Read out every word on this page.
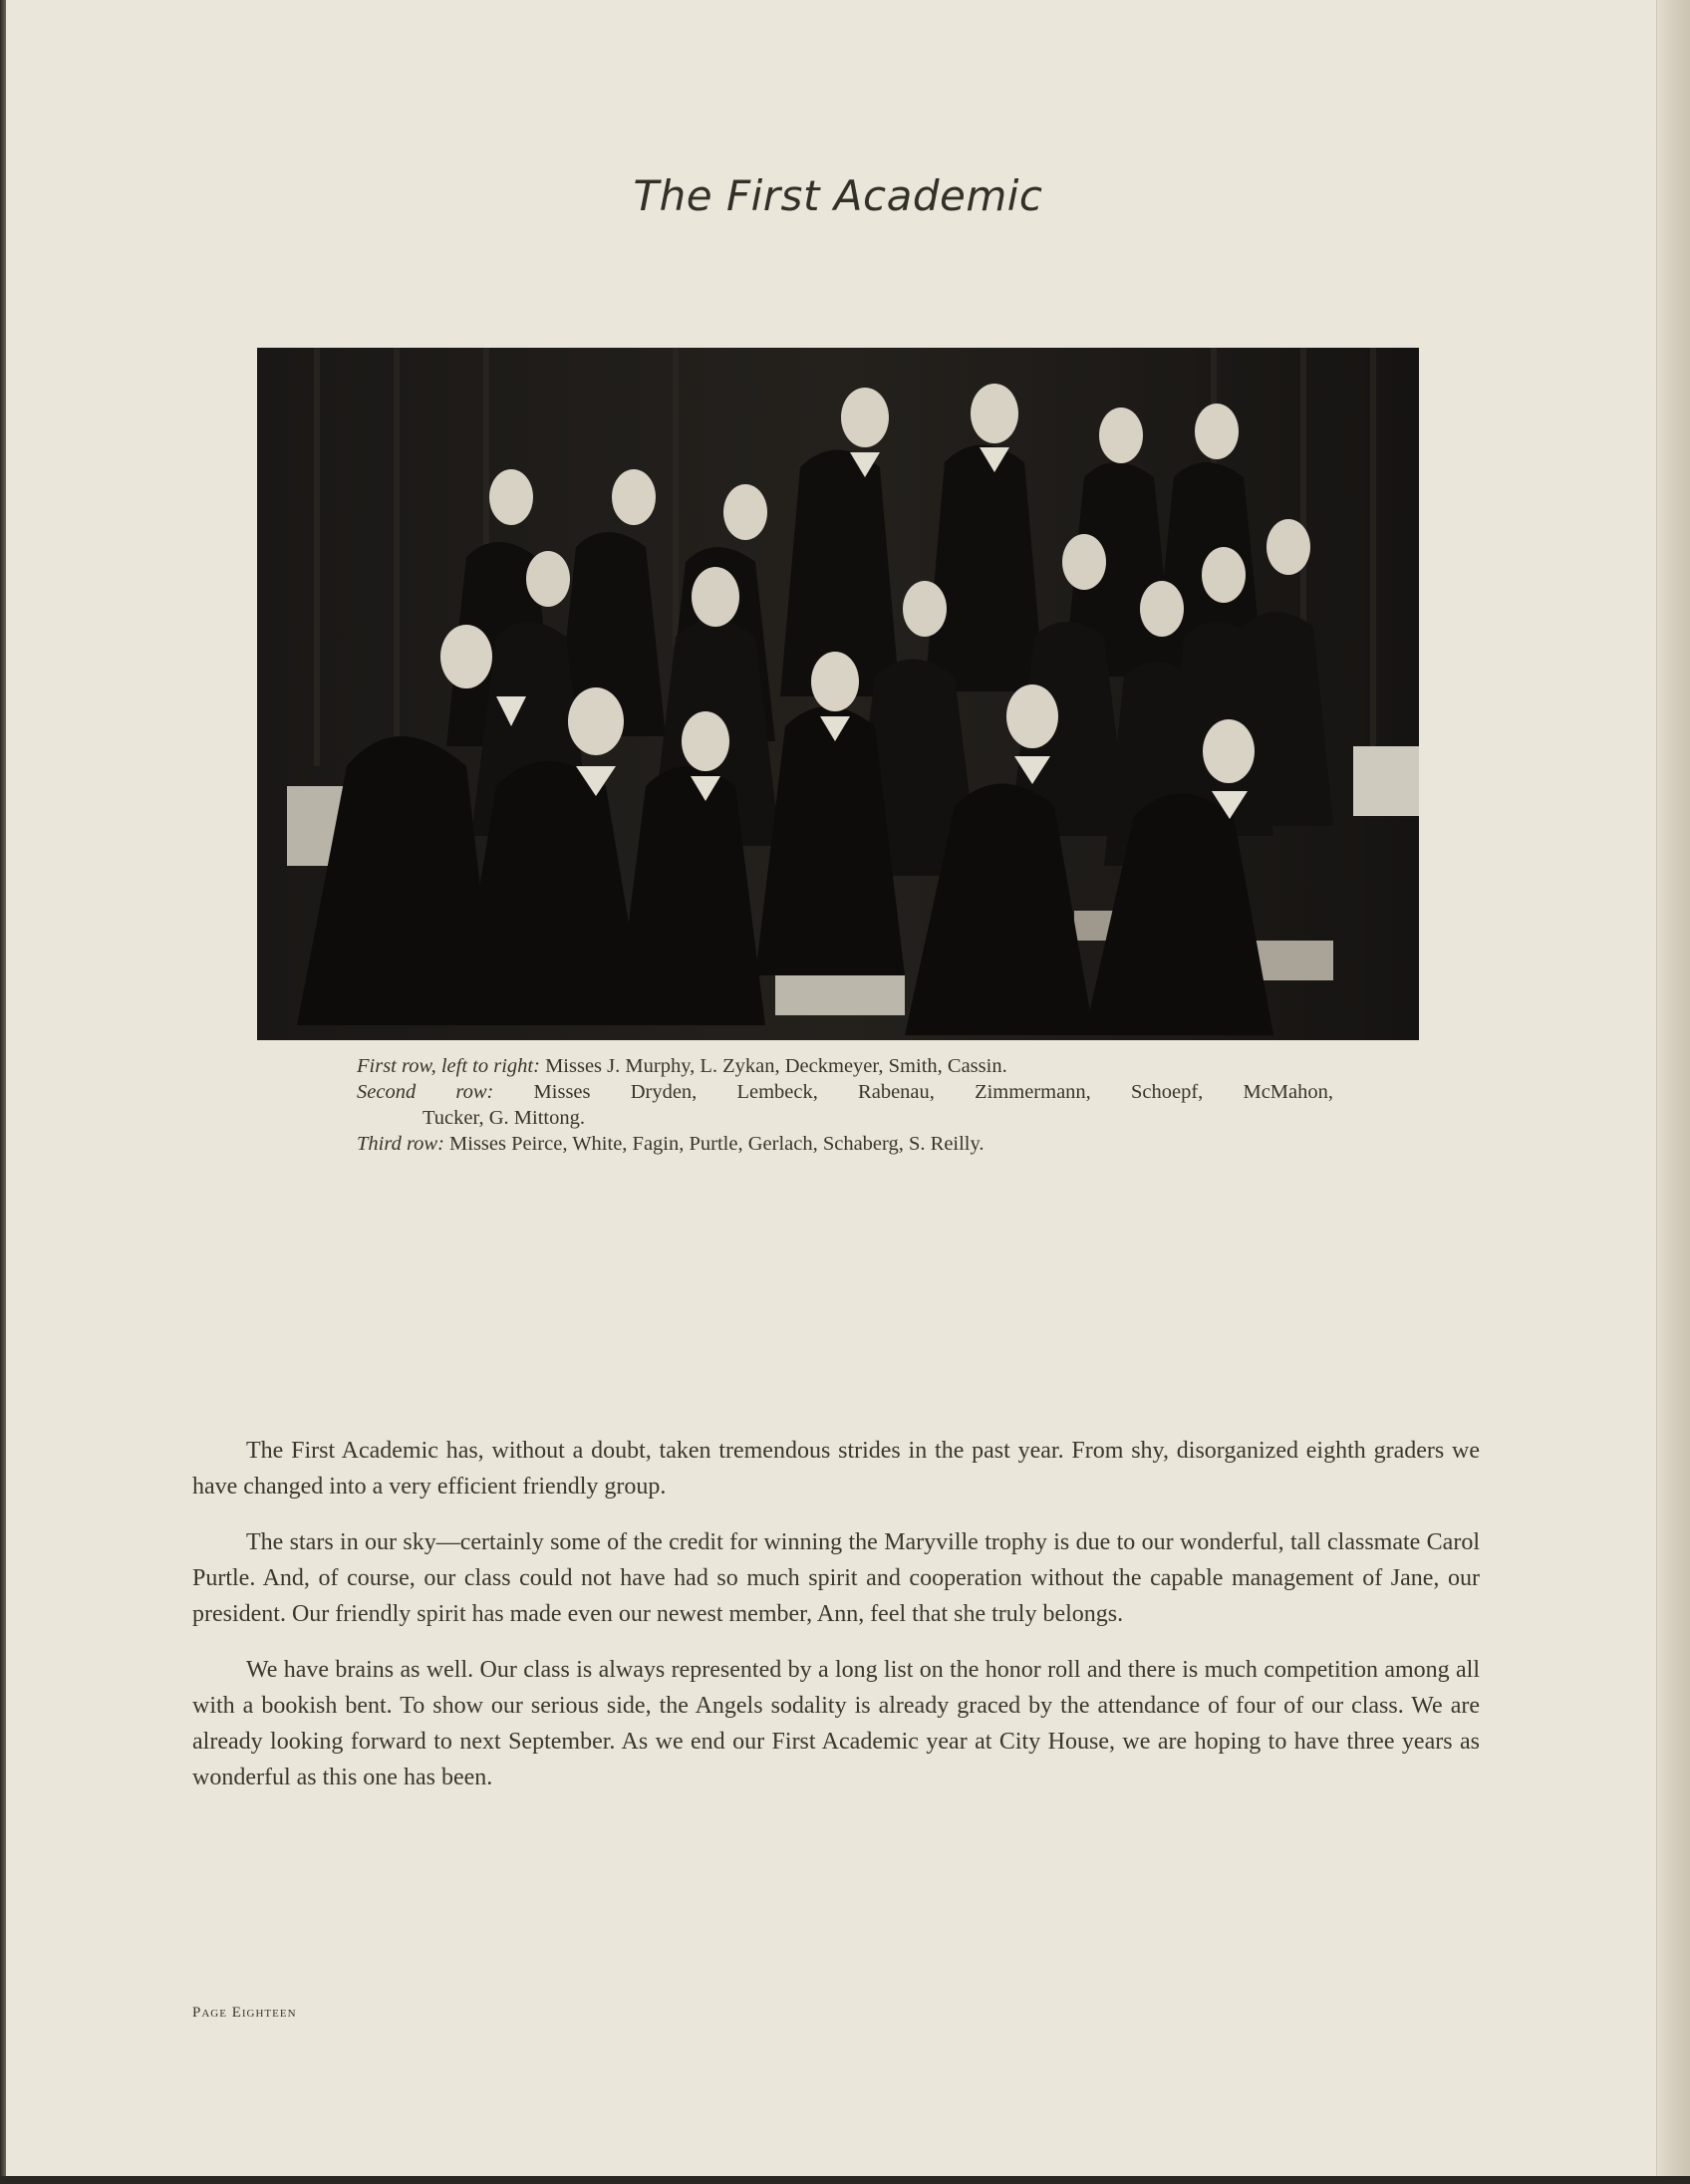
The First Academic
First row, left to right: Misses J. Murphy, L. Zykan, Deckmeyer, Smith, Cassin.
Second row: Misses Dryden, Lembeck, Rabenau, Zimmermann, Schoepf, McMahon,
Tucker, G. Mittong.
Third row: Misses Peirce, White, Fagin, Purtle, Gerlach, Schaberg, S. Reilly.

The First Academic has, without a doubt, taken tremendous strides in the past year. From shy, disorganized eighth graders we have changed into a very efficient friendly group.

The stars in our sky—certainly some of the credit for winning the Maryville trophy is due to our wonderful, tall classmate Carol Purtle. And, of course, our class could not have had so much spirit and cooperation without the capable management of Jane, our president. Our friendly spirit has made even our newest member, Ann, feel that she truly belongs.

We have brains as well. Our class is always represented by a long list on the honor roll and there is much competition among all with a bookish bent. To show our serious side, the Angels sodality is already graced by the attendance of four of our class. We are already looking forward to next September. As we end our First Academic year at City House, we are hoping to have three years as wonderful as this one has been.

Page Eighteen
